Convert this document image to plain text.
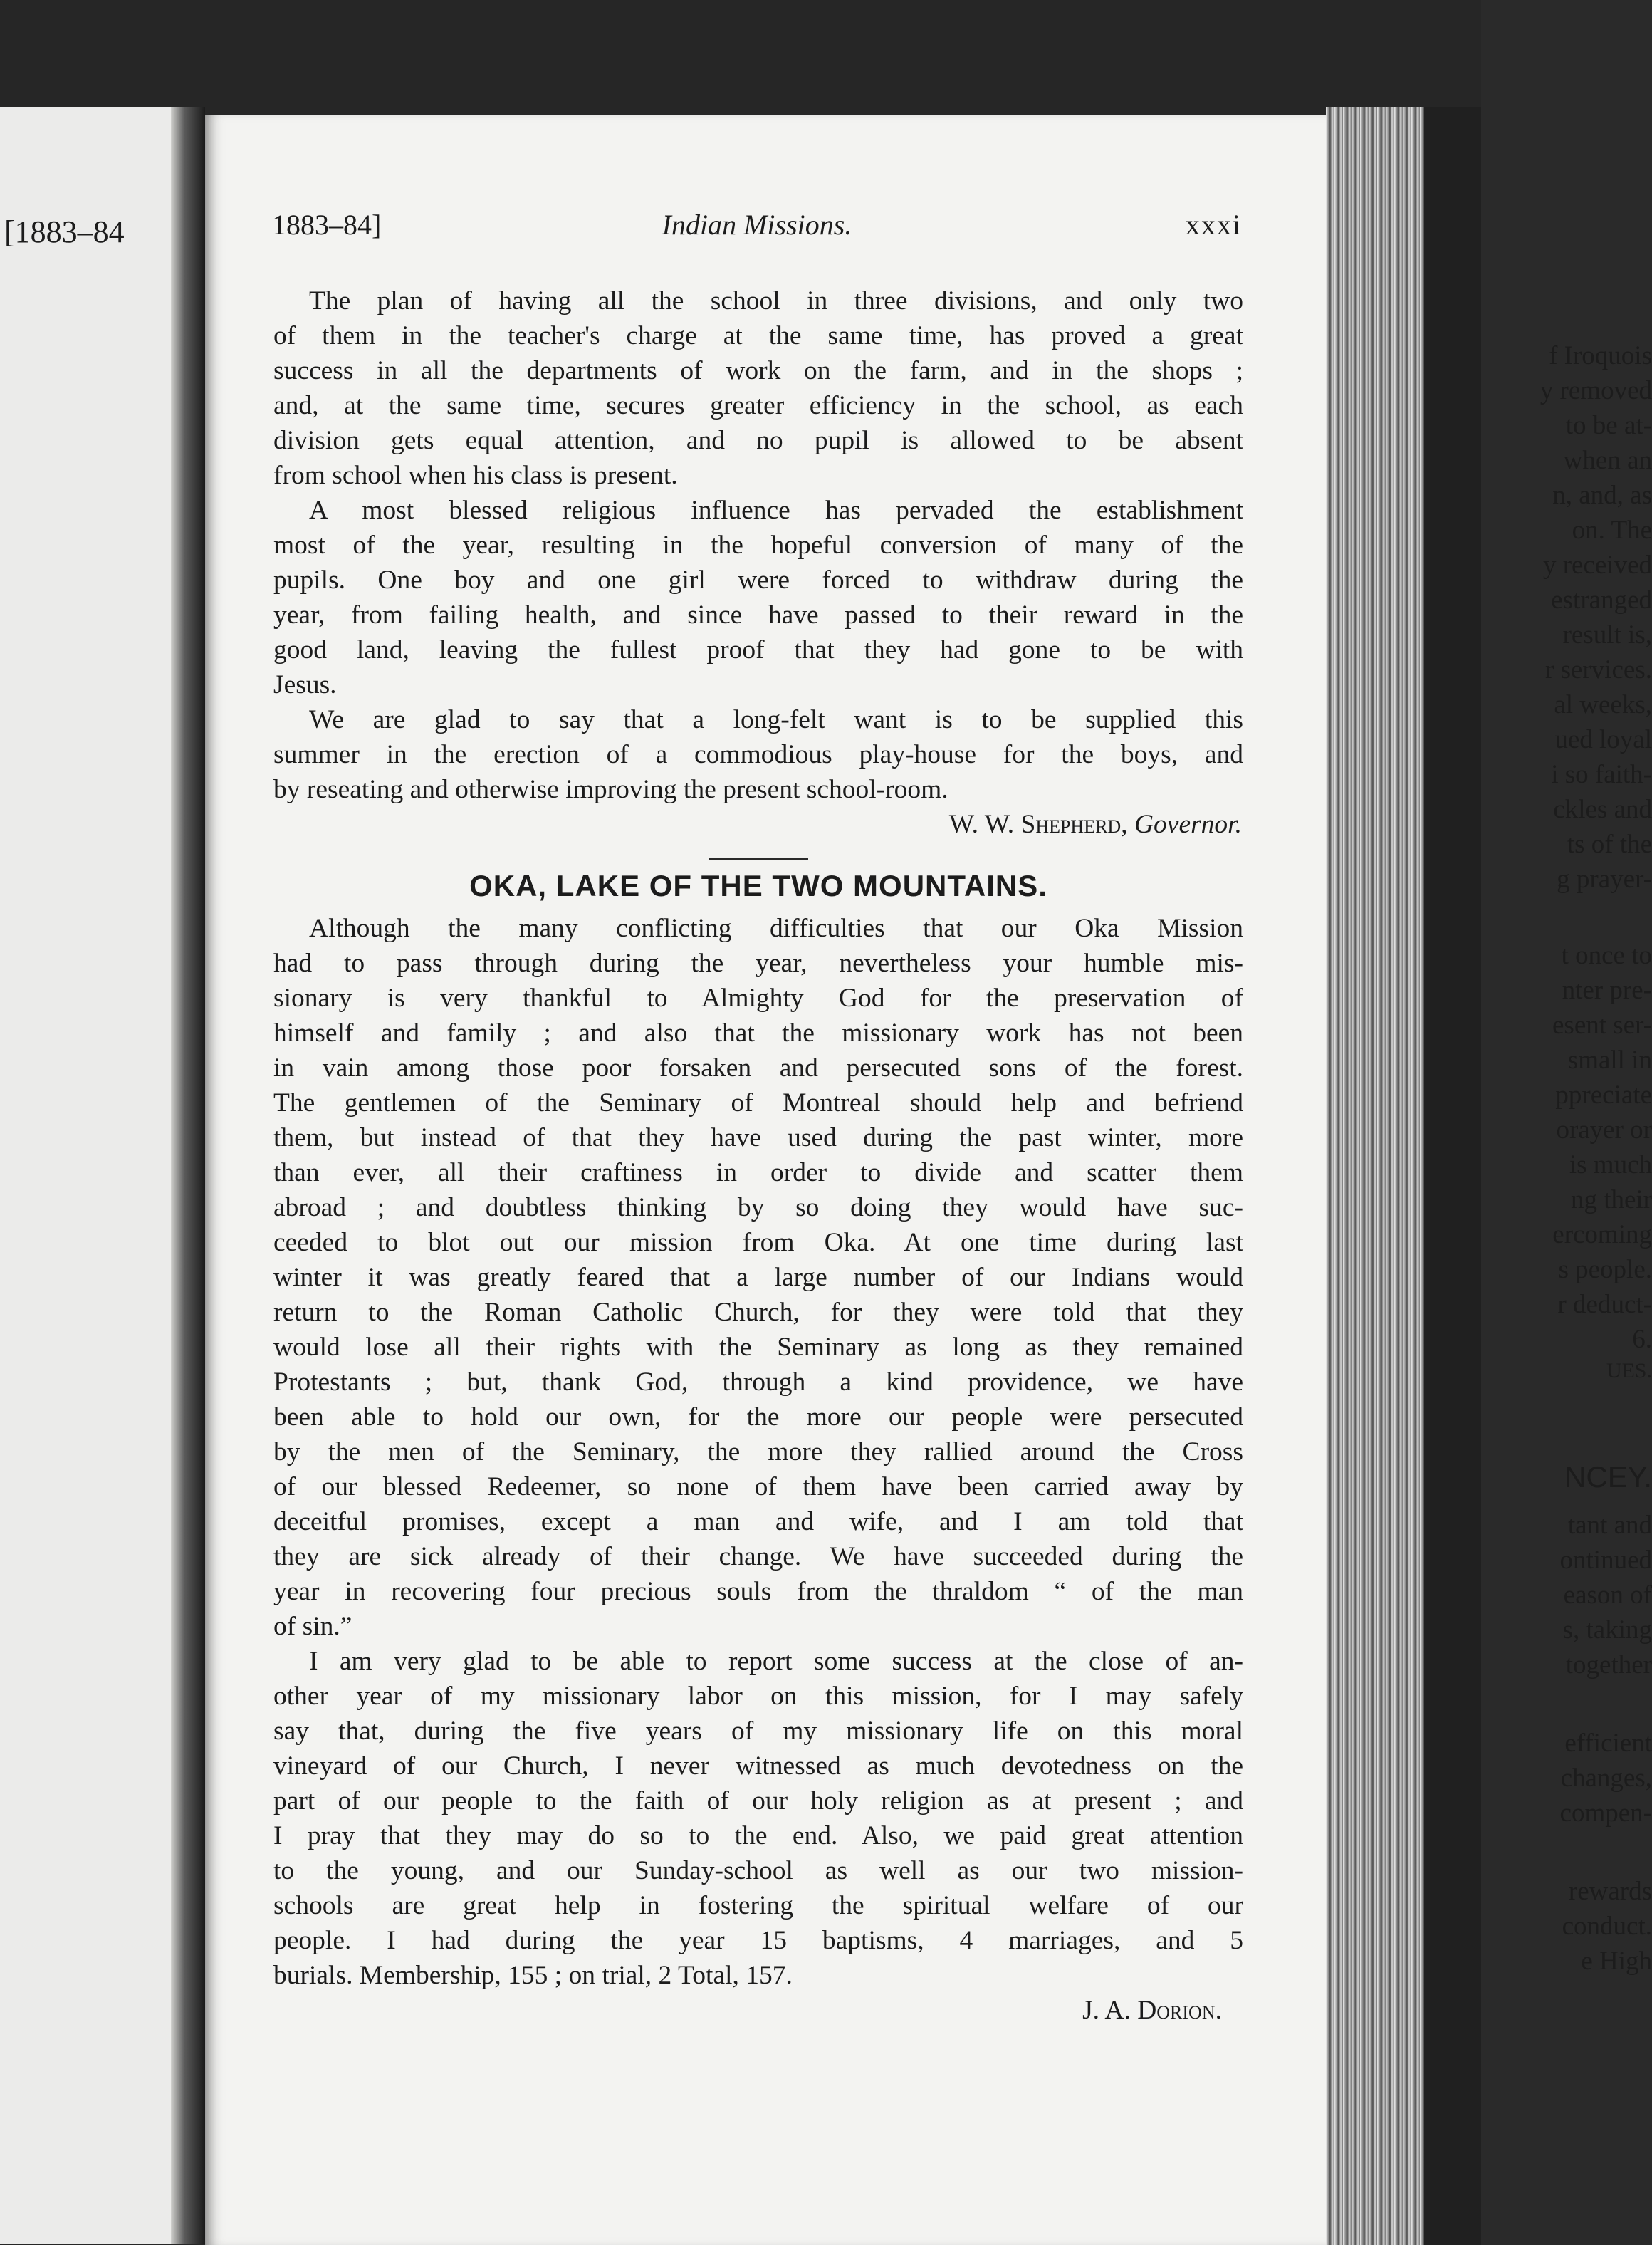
[1883–84
f Iroquois
y removed
to be at-
when an
n, and, as
on. The
y received
estranged
result is,
r services.
al weeks,
ued loyal
i so faith-
ckles and
ts of the
g prayer-
t once to
nter pre-
esent ser-
small in
ppreciate
orayer or
is much
ng their
ercoming
s people.
r deduct-
6.
UES.
NCEY.
tant and
ontinued
eason of
s, taking
together
efficient
changes,
compen-
rewards
conduct.
e High
1883–84]	Indian Missions.	xxxi
The plan of having all the school in three divisions, and only two
of them in the teacher's charge at the same time, has proved a great
success in all the departments of work on the farm, and in the shops ;
and, at the same time, secures greater efficiency in the school, as each
division gets equal attention, and no pupil is allowed to be absent
from school when his class is present.
A most blessed religious influence has pervaded the establishment
most of the year, resulting in the hopeful conversion of many of the
pupils. One boy and one girl were forced to withdraw during the
year, from failing health, and since have passed to their reward in the
good land, leaving the fullest proof that they had gone to be with
Jesus.
We are glad to say that a long-felt want is to be supplied this
summer in the erection of a commodious play-house for the boys, and
by reseating and otherwise improving the present school-room.
W. W. Shepherd, Governor.
OKA, LAKE OF THE TWO MOUNTAINS.
Although the many conflicting difficulties that our Oka Mission
had to pass through during the year, nevertheless your humble mis-
sionary is very thankful to Almighty God for the preservation of
himself and family ; and also that the missionary work has not been
in vain among those poor forsaken and persecuted sons of the forest.
The gentlemen of the Seminary of Montreal should help and befriend
them, but instead of that they have used during the past winter, more
than ever, all their craftiness in order to divide and scatter them
abroad ; and doubtless thinking by so doing they would have suc-
ceeded to blot out our mission from Oka. At one time during last
winter it was greatly feared that a large number of our Indians would
return to the Roman Catholic Church, for they were told that they
would lose all their rights with the Seminary as long as they remained
Protestants ; but, thank God, through a kind providence, we have
been able to hold our own, for the more our people were persecuted
by the men of the Seminary, the more they rallied around the Cross
of our blessed Redeemer, so none of them have been carried away by
deceitful promises, except a man and wife, and I am told that
they are sick already of their change. We have succeeded during the
year in recovering four precious souls from the thraldom “ of the man
of sin.”
I am very glad to be able to report some success at the close of an-
other year of my missionary labor on this mission, for I may safely
say that, during the five years of my missionary life on this moral
vineyard of our Church, I never witnessed as much devotedness on the
part of our people to the faith of our holy religion as at present ; and
I pray that they may do so to the end. Also, we paid great attention
to the young, and our Sunday-school as well as our two mission-
schools are great help in fostering the spiritual welfare of our
people. I had during the year 15 baptisms, 4 marriages, and 5
burials. Membership, 155 ; on trial, 2 Total, 157.
J. A. Dorion.
